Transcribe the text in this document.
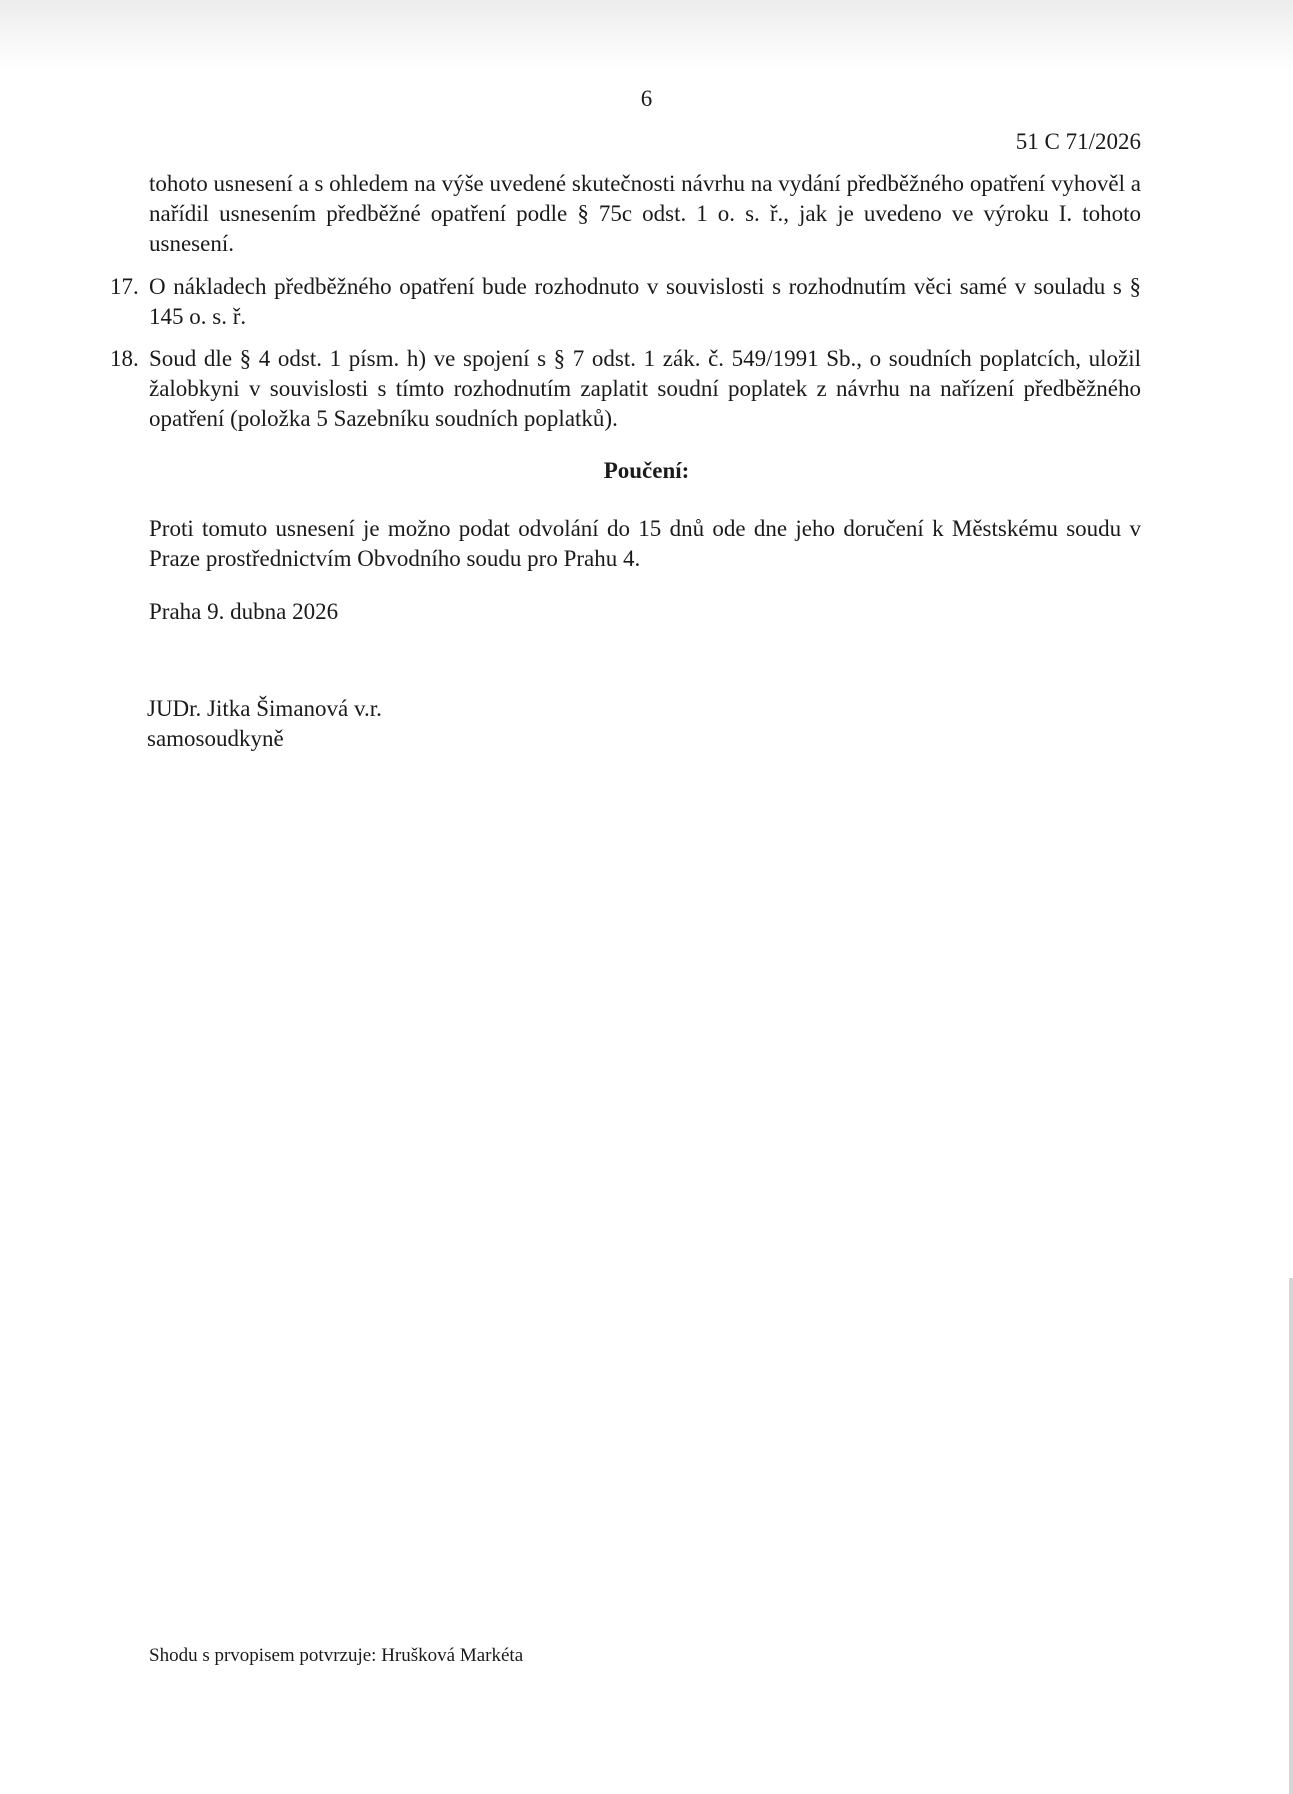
6
51 C 71/2026
tohoto usnesení a s ohledem na výše uvedené skutečnosti návrhu na vydání předběžného opatření vyhověl a nařídil usnesením předběžné opatření podle § 75c odst. 1 o. s. ř., jak je uvedeno ve výroku I. tohoto usnesení.
17. O nákladech předběžného opatření bude rozhodnuto v souvislosti s rozhodnutím věci samé v souladu s § 145 o. s. ř.
18. Soud dle § 4 odst. 1 písm. h) ve spojení s § 7 odst. 1 zák. č. 549/1991 Sb., o soudních poplatcích, uložil žalobkyni v souvislosti s tímto rozhodnutím zaplatit soudní poplatek z návrhu na nařízení předběžného opatření (položka 5 Sazebníku soudních poplatků).
Poučení:
Proti tomuto usnesení je možno podat odvolání do 15 dnů ode dne jeho doručení k Městskému soudu v Praze prostřednictvím Obvodního soudu pro Prahu 4.
Praha 9. dubna 2026
JUDr. Jitka Šimanová v.r.
samosoudkyně
Shodu s prvopisem potvrzuje: Hrušková Markéta
